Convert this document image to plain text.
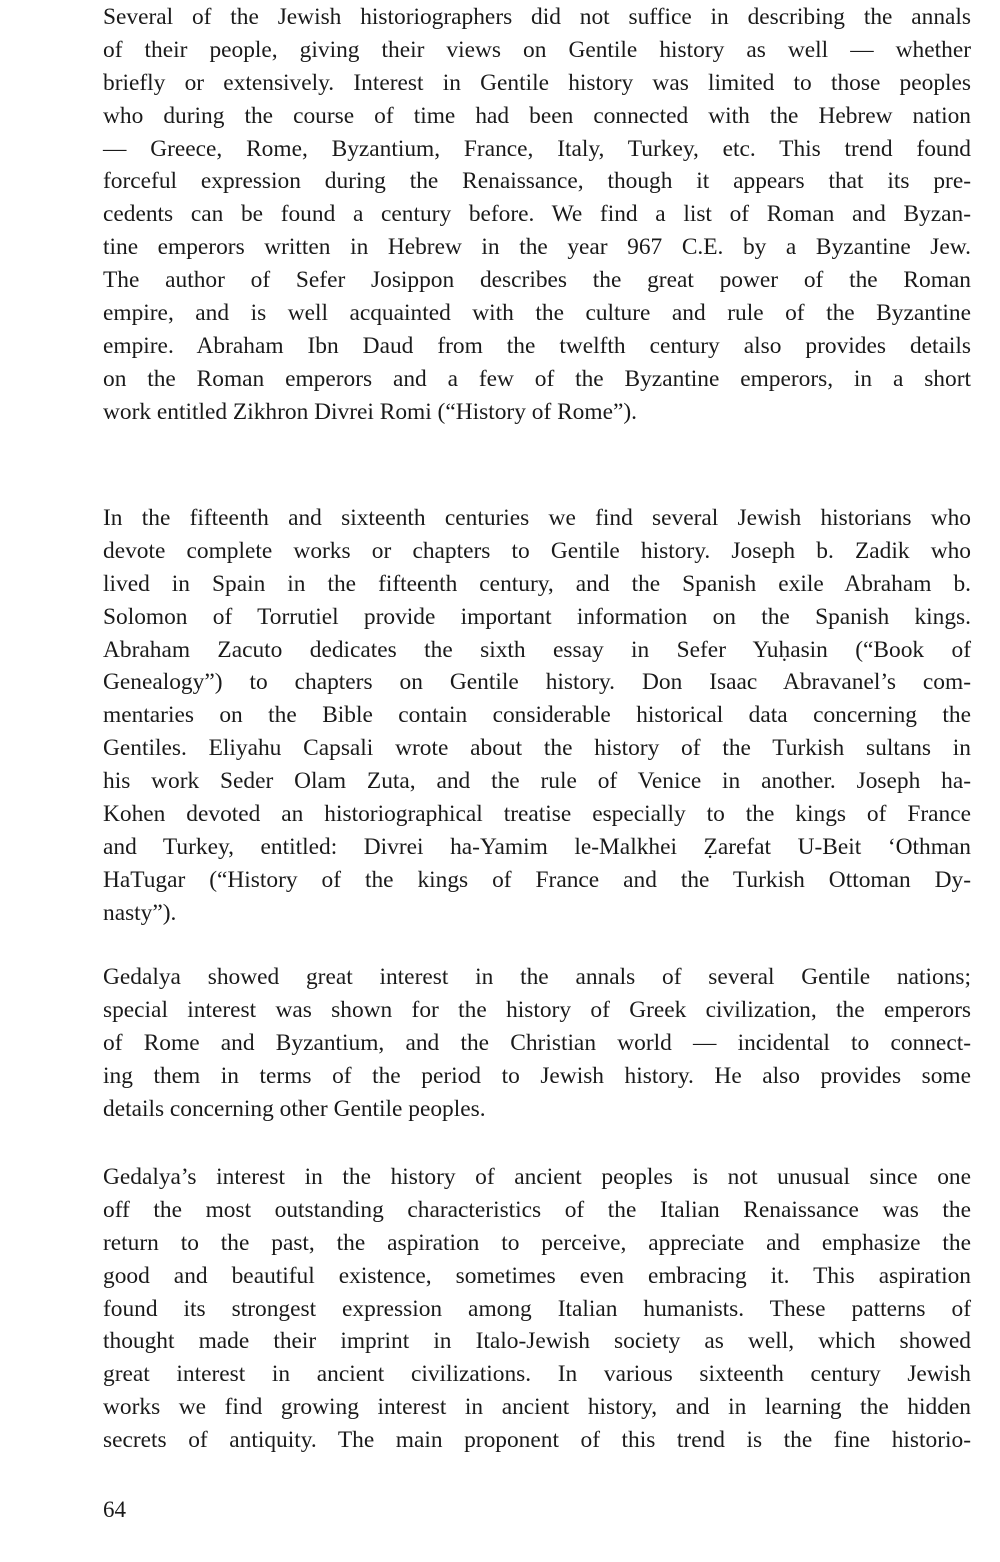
Several of the Jewish historiographers did not suffice in describing the annals
of their people, giving their views on Gentile history as well — whether
briefly or extensively. Interest in Gentile history was limited to those peoples
who during the course of time had been connected with the Hebrew nation
— Greece, Rome, Byzantium, France, Italy, Turkey, etc. This trend found
forceful expression during the Renaissance, though it appears that its pre-
cedents can be found a century before. We find a list of Roman and Byzan-
tine emperors written in Hebrew in the year 967 C.E. by a Byzantine Jew.
The author of Sefer Josippon describes the great power of the Roman
empire, and is well acquainted with the culture and rule of the Byzantine
empire. Abraham Ibn Daud from the twelfth century also provides details
on the Roman emperors and a few of the Byzantine emperors, in a short
work entitled Zikhron Divrei Romi (“History of Rome”).
In the fifteenth and sixteenth centuries we find several Jewish historians who
devote complete works or chapters to Gentile history. Joseph b. Zadik who
lived in Spain in the fifteenth century, and the Spanish exile Abraham b.
Solomon of Torrutiel provide important information on the Spanish kings.
Abraham Zacuto dedicates the sixth essay in Sefer Yuḥasin (“Book of
Genealogy”) to chapters on Gentile history. Don Isaac Abravanel’s com-
mentaries on the Bible contain considerable historical data concerning the
Gentiles. Eliyahu Capsali wrote about the history of the Turkish sultans in
his work Seder Olam Zuta, and the rule of Venice in another. Joseph ha-
Kohen devoted an historiographical treatise especially to the kings of France
and Turkey, entitled: Divrei ha-Yamim le-Malkhei Ẓarefat U-Beit ‘Othman
HaTugar (“History of the kings of France and the Turkish Ottoman Dy-
nasty”).
Gedalya showed great interest in the annals of several Gentile nations;
special interest was shown for the history of Greek civilization, the emperors
of Rome and Byzantium, and the Christian world — incidental to connect-
ing them in terms of the period to Jewish history. He also provides some
details concerning other Gentile peoples.
Gedalya’s interest in the history of ancient peoples is not unusual since one
off the most outstanding characteristics of the Italian Renaissance was the
return to the past, the aspiration to perceive, appreciate and emphasize the
good and beautiful existence, sometimes even embracing it. This aspiration
found its strongest expression among Italian humanists. These patterns of
thought made their imprint in Italo-Jewish society as well, which showed
great interest in ancient civilizations. In various sixteenth century Jewish
works we find growing interest in ancient history, and in learning the hidden
secrets of antiquity. The main proponent of this trend is the fine historio-
64
